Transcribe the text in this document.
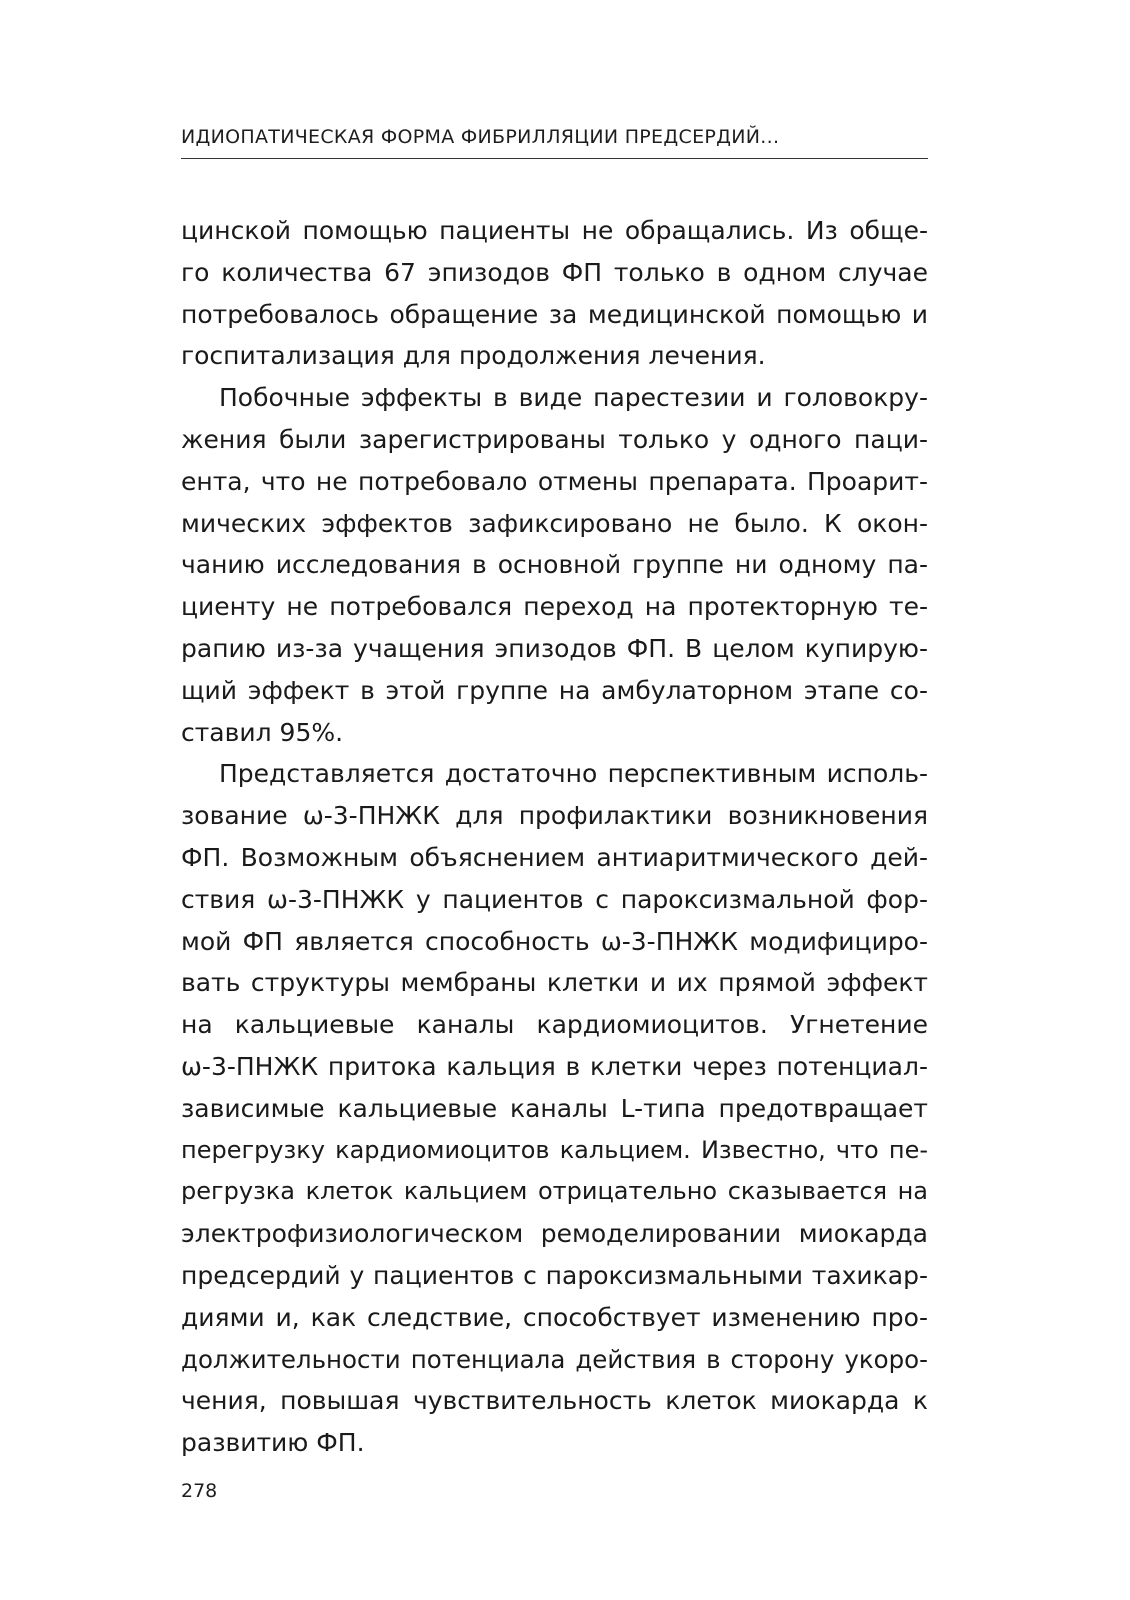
ИДИОПАТИЧЕСКАЯ ФОРМА ФИБРИЛЛЯЦИИ ПРЕДСЕРДИЙ...
цинской помощью пациенты не обращались. Из обще-
го количества 67 эпизодов ФП только в одном случае
потребовалось обращение за медицинской помощью и
госпитализация для продолжения лечения.
Побочные эффекты в виде парестезии и головокру-
жения были зарегистрированы только у одного паци-
ента, что не потребовало отмены препарата. Проарит-
мических эффектов зафиксировано не было. К окон-
чанию исследования в основной группе ни одному па-
циенту не потребовался переход на протекторную те-
рапию из-за учащения эпизодов ФП. В целом купирую-
щий эффект в этой группе на амбулаторном этапе со-
ставил 95%.
Представляется достаточно перспективным исполь-
зование ω-3-ПНЖК для профилактики возникновения
ФП. Возможным объяснением антиаритмического дей-
ствия ω-3-ПНЖК у пациентов с пароксизмальной фор-
мой ФП является способность ω-3-ПНЖК модифициро-
вать структуры мембраны клетки и их прямой эффект
на кальциевые каналы кардиомиоцитов. Угнетение
ω-3-ПНЖК притока кальция в клетки через потенциал-
зависимые кальциевые каналы L-типа предотвращает
перегрузку кардиомиоцитов кальцием. Известно, что пе-
регрузка клеток кальцием отрицательно сказывается на
электрофизиологическом ремоделировании миокарда
предсердий у пациентов с пароксизмальными тахикар-
диями и, как следствие, способствует изменению про-
должительности потенциала действия в сторону укоро-
чения, повышая чувствительность клеток миокарда к
развитию ФП.
278
